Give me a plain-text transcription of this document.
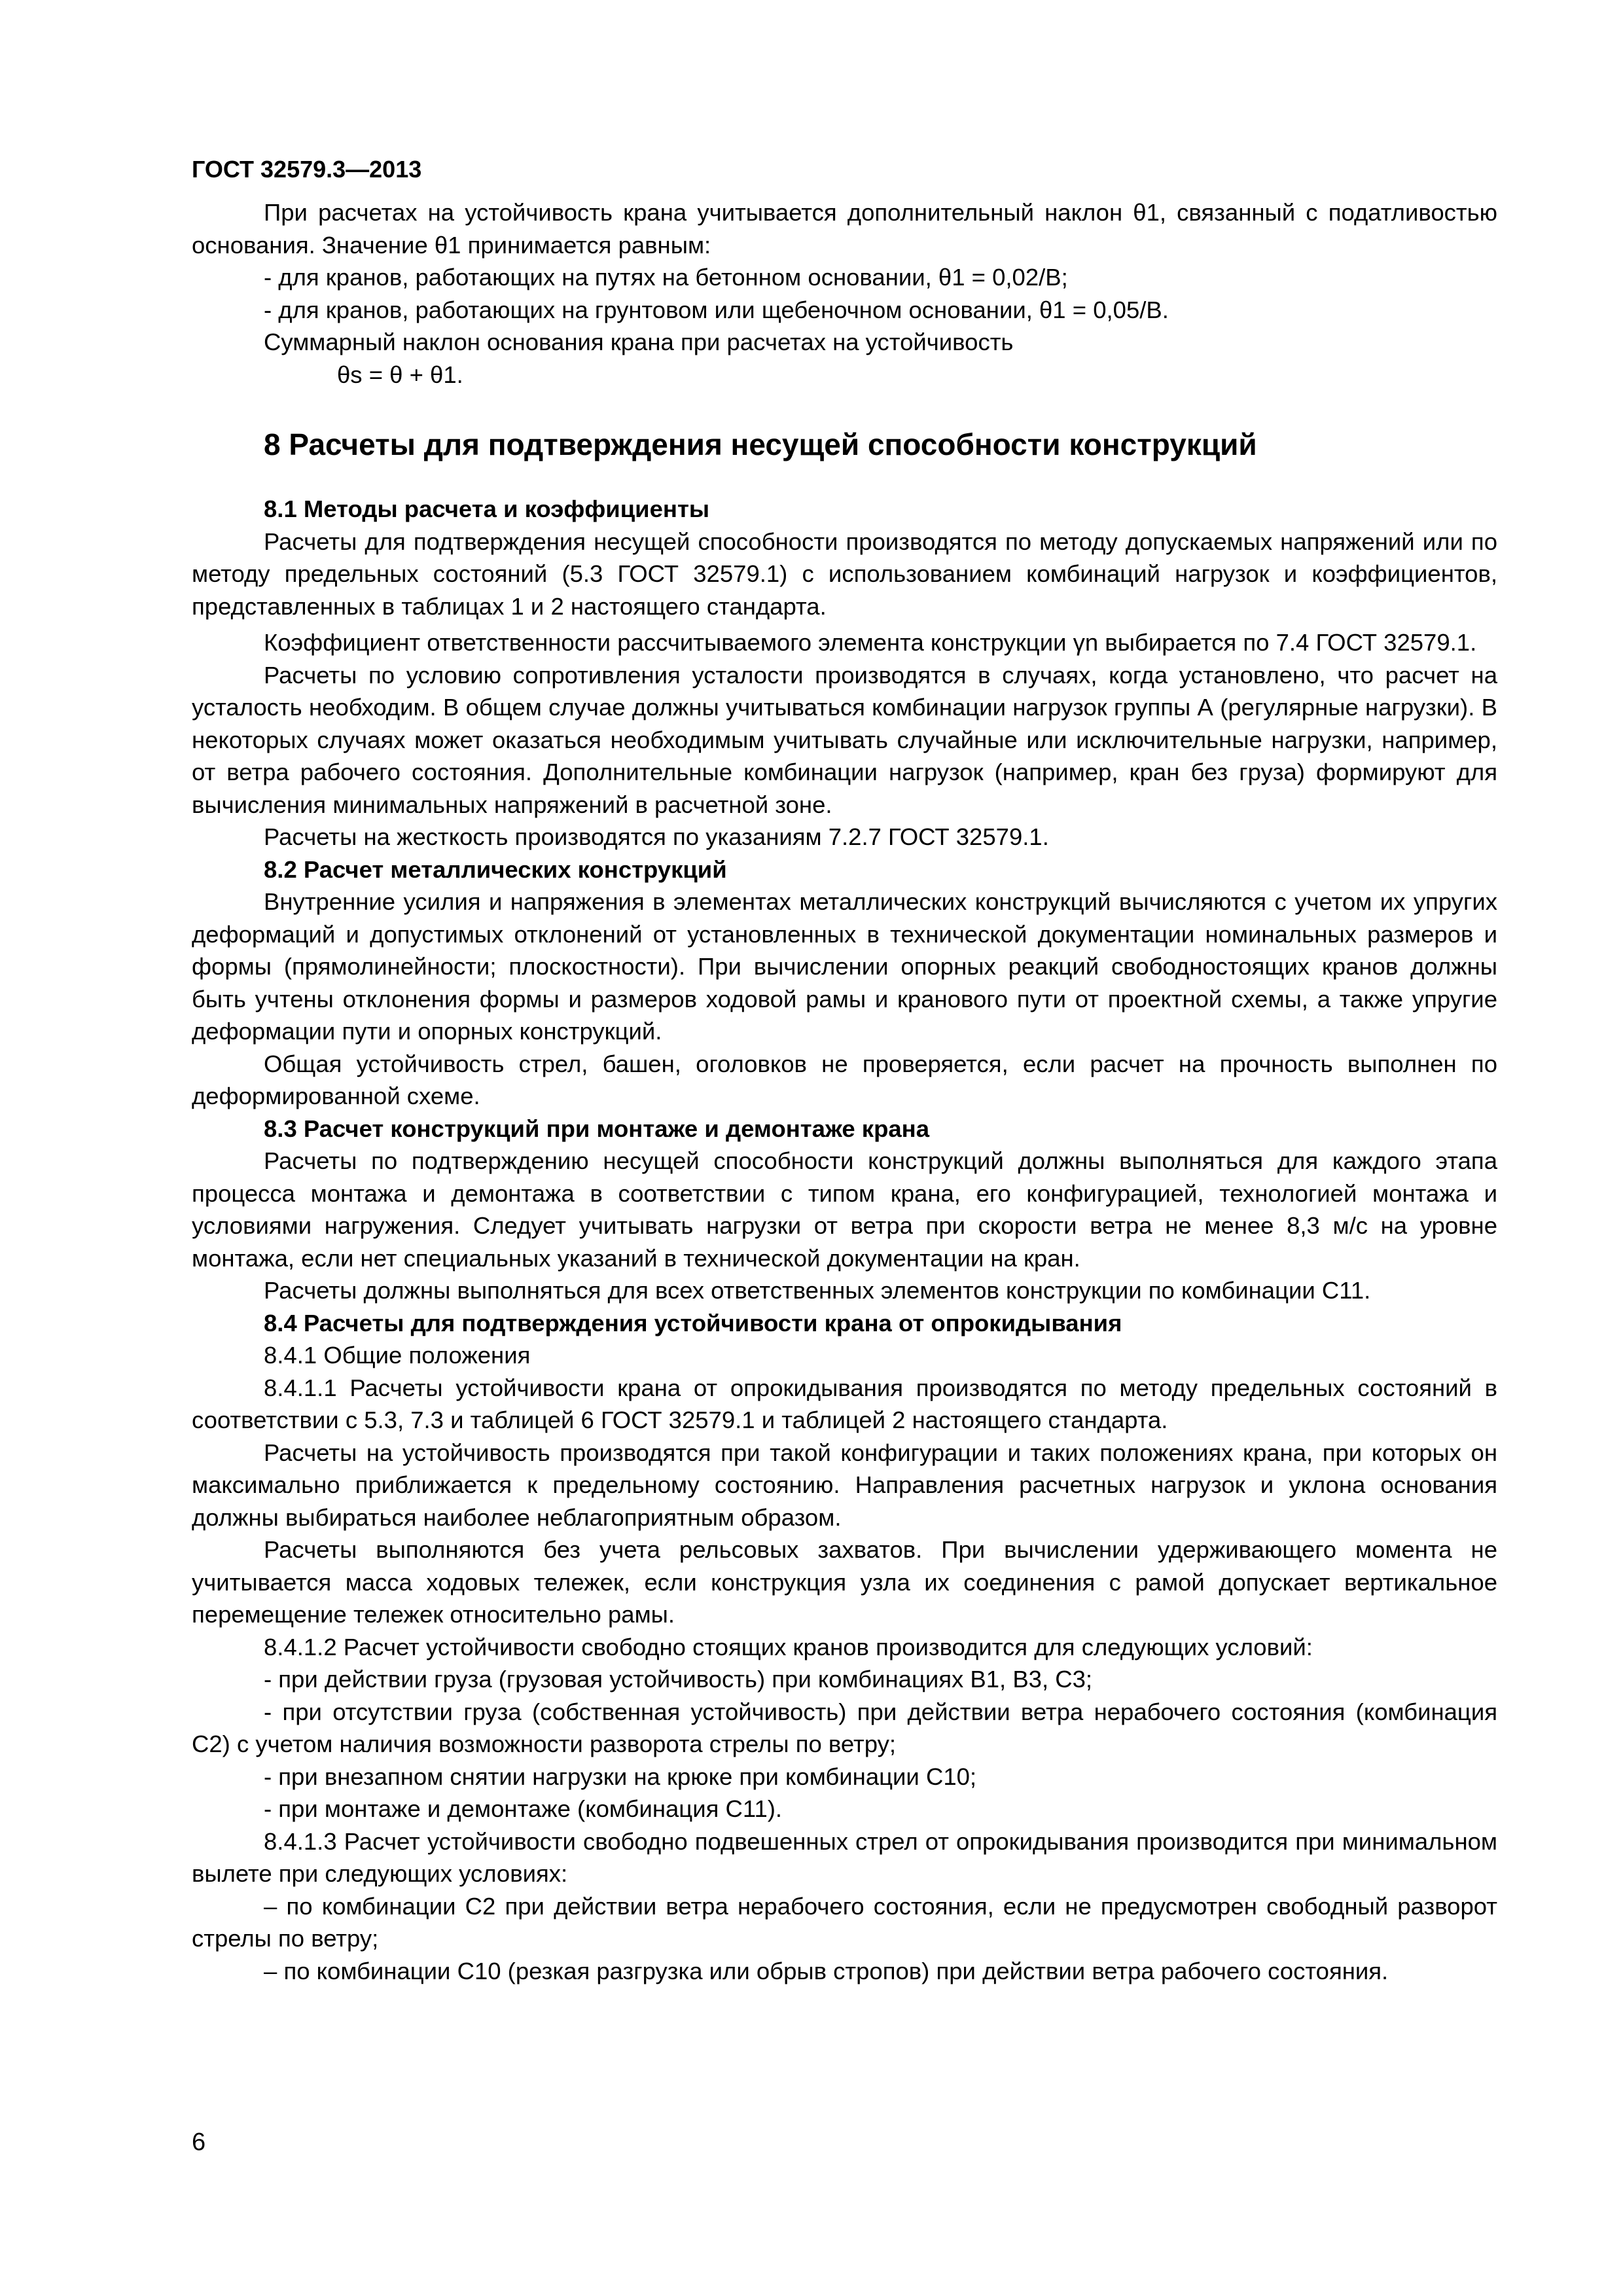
ГОСТ 32579.3—2013

При расчетах на устойчивость крана учитывается дополнительный наклон θ1, связанный с податливостью основания. Значение θ1 принимается равным:

- для кранов, работающих на путях на бетонном основании, θ1 = 0,02/B;

- для кранов, работающих на грунтовом или щебеночном основании, θ1 = 0,05/B.

Суммарный наклон основания крана при расчетах на устойчивость

θs = θ + θ1.

8 Расчеты для подтверждения несущей способности конструкций

8.1 Методы расчета и коэффициенты

Расчеты для подтверждения несущей способности производятся по методу допускаемых напряжений или по методу предельных состояний (5.3 ГОСТ 32579.1) с использованием комбинаций нагрузок и коэффициентов, представленных в таблицах 1 и 2 настоящего стандарта.

Коэффициент ответственности рассчитываемого элемента конструкции γn выбирается по 7.4 ГОСТ 32579.1.

Расчеты по условию сопротивления усталости производятся в случаях, когда установлено, что расчет на усталость необходим. В общем случае должны учитываться комбинации нагрузок группы А (регулярные нагрузки). В некоторых случаях может оказаться необходимым учитывать случайные или исключительные нагрузки, например, от ветра рабочего состояния. Дополнительные комбинации нагрузок (например, кран без груза) формируют для вычисления минимальных напряжений в расчетной зоне.

Расчеты на жесткость производятся по указаниям 7.2.7 ГОСТ 32579.1.

8.2 Расчет металлических конструкций

Внутренние усилия и напряжения в элементах металлических конструкций вычисляются с учетом их упругих деформаций и допустимых отклонений от установленных в технической документации номинальных размеров и формы (прямолинейности; плоскостности). При вычислении опорных реакций свободностоящих кранов должны быть учтены отклонения формы и размеров ходовой рамы и кранового пути от проектной схемы, а также упругие деформации пути и опорных конструкций.

Общая устойчивость стрел, башен, оголовков не проверяется, если расчет на прочность выполнен по деформированной схеме.

8.3 Расчет конструкций при монтаже и демонтаже крана

Расчеты по подтверждению несущей способности конструкций должны выполняться для каждого этапа процесса монтажа и демонтажа в соответствии с типом крана, его конфигурацией, технологией монтажа и условиями нагружения. Следует учитывать нагрузки от ветра при скорости ветра не менее 8,3 м/с на уровне монтажа, если нет специальных указаний в технической документации на кран.

Расчеты должны выполняться для всех ответственных элементов конструкции по комбинации С11.

8.4 Расчеты для подтверждения устойчивости крана от опрокидывания

8.4.1 Общие положения

8.4.1.1 Расчеты устойчивости крана от опрокидывания производятся по методу предельных состояний в соответствии с 5.3, 7.3 и таблицей 6 ГОСТ 32579.1 и таблицей 2 настоящего стандарта.

Расчеты на устойчивость производятся при такой конфигурации и таких положениях крана, при которых он максимально приближается к предельному состоянию. Направления расчетных нагрузок и уклона основания должны выбираться наиболее неблагоприятным образом.

Расчеты выполняются без учета рельсовых захватов. При вычислении удерживающего момента не учитывается масса ходовых тележек, если конструкция узла их соединения с рамой допускает вертикальное перемещение тележек относительно рамы.

8.4.1.2 Расчет устойчивости свободно стоящих кранов производится для следующих условий:

- при действии груза (грузовая устойчивость) при комбинациях В1, В3, С3;

- при отсутствии груза (собственная устойчивость) при действии ветра нерабочего состояния (комбинация С2) с учетом наличия возможности разворота стрелы по ветру;

- при внезапном снятии нагрузки на крюке при комбинации С10;

- при монтаже и демонтаже (комбинация С11).

8.4.1.3 Расчет устойчивости свободно подвешенных стрел от опрокидывания производится при минимальном вылете при следующих условиях:

– по комбинации С2 при действии ветра нерабочего состояния, если не предусмотрен свободный разворот стрелы по ветру;

– по комбинации С10 (резкая разгрузка или обрыв стропов) при действии ветра рабочего состояния.

6
